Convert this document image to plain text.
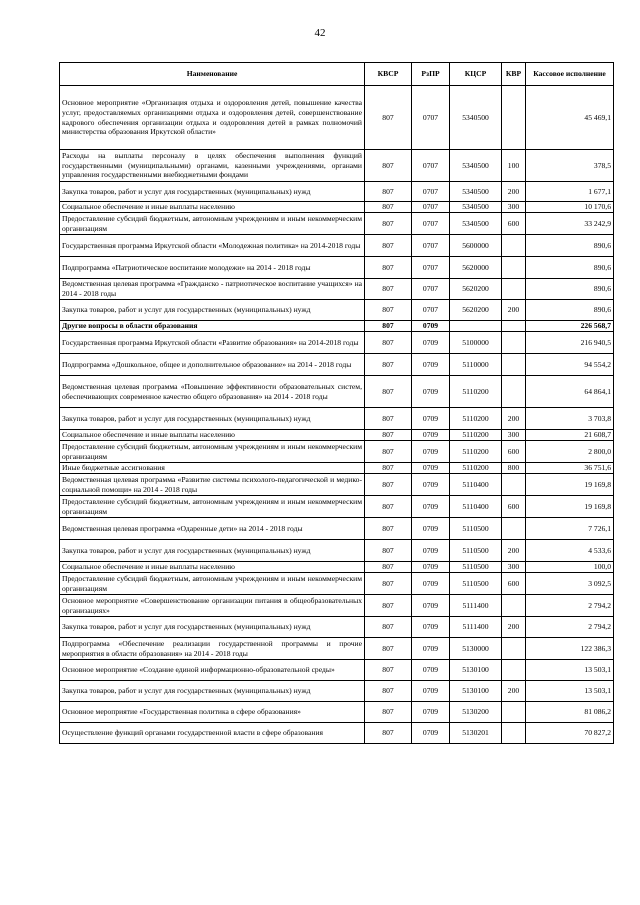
42
Наименование	КВСР	РзПР	КЦСР	КВР	Кассовое исполнение
Основное мероприятие «Организация отдыха и оздоровления детей, повышение качества услуг, предоставляемых организациями отдыха и оздоровления детей, совершенствование кадрового обеспечения организации отдыха и оздоровления детей в рамках полномочий министерства образования Иркутской области»	807	0707	5340500		45 469,1
Расходы на выплаты персоналу в целях обеспечения выполнения функций государственными (муниципальными) органами, казенными учреждениями, органами управления государственными внебюджетными фондами	807	0707	5340500	100	378,5
Закупка товаров, работ и услуг для государственных (муниципальных) нужд	807	0707	5340500	200	1 677,1
Социальное обеспечение и иные выплаты населению	807	0707	5340500	300	10 170,6
Предоставление субсидий бюджетным, автономным учреждениям и иным некоммерческим организациям	807	0707	5340500	600	33 242,9
Государственная программа Иркутской области «Молодежная политика» на 2014-2018 годы	807	0707	5600000		890,6
Подпрограмма «Патриотическое воспитание молодежи» на 2014 - 2018 годы	807	0707	5620000		890,6
Ведомственная целевая программа «Гражданско - патриотическое воспитание учащихся» на 2014 - 2018 годы	807	0707	5620200		890,6
Закупка товаров, работ и услуг для государственных (муниципальных) нужд	807	0707	5620200	200	890,6
Другие вопросы в области образования	807	0709			226 568,7
Государственная программа Иркутской области «Развитие образования» на 2014-2018 годы	807	0709	5100000		216 940,5
Подпрограмма «Дошкольное, общее и дополнительное образование» на 2014 - 2018 годы	807	0709	5110000		94 554,2
Ведомственная целевая программа «Повышение эффективности образовательных систем, обеспечивающих современное качество общего образования» на 2014 - 2018 годы	807	0709	5110200		64 864,1
Закупка товаров, работ и услуг для государственных (муниципальных) нужд	807	0709	5110200	200	3 703,8
Социальное обеспечение и иные выплаты населению	807	0709	5110200	300	21 608,7
Предоставление субсидий бюджетным, автономным учреждениям и иным некоммерческим организациям	807	0709	5110200	600	2 800,0
Иные бюджетные ассигнования	807	0709	5110200	800	36 751,6
Ведомственная целевая программа «Развитие системы психолого-педагогической и медико-социальной помощи» на 2014 - 2018 годы	807	0709	5110400		19 169,8
Предоставление субсидий бюджетным, автономным учреждениям и иным некоммерческим организациям	807	0709	5110400	600	19 169,8
Ведомственная целевая программа «Одаренные дети» на 2014 - 2018 годы	807	0709	5110500		7 726,1
Закупка товаров, работ и услуг для государственных (муниципальных) нужд	807	0709	5110500	200	4 533,6
Социальное обеспечение и иные выплаты населению	807	0709	5110500	300	100,0
Предоставление субсидий бюджетным, автономным учреждениям и иным некоммерческим организациям	807	0709	5110500	600	3 092,5
Основное мероприятие «Совершенствование организации питания в общеобразовательных организациях»	807	0709	5111400		2 794,2
Закупка товаров, работ и услуг для государственных (муниципальных) нужд	807	0709	5111400	200	2 794,2
Подпрограмма «Обеспечение реализации государственной программы и прочие мероприятия в области образования» на 2014 - 2018 годы	807	0709	5130000		122 386,3
Основное мероприятие «Создание единой информационно-образовательной среды»	807	0709	5130100		13 503,1
Закупка товаров, работ и услуг для государственных (муниципальных) нужд	807	0709	5130100	200	13 503,1
Основное мероприятие «Государственная политика в сфере образования»	807	0709	5130200		81 086,2
Осуществление функций органами государственной власти в сфере образования	807	0709	5130201		70 827,2
